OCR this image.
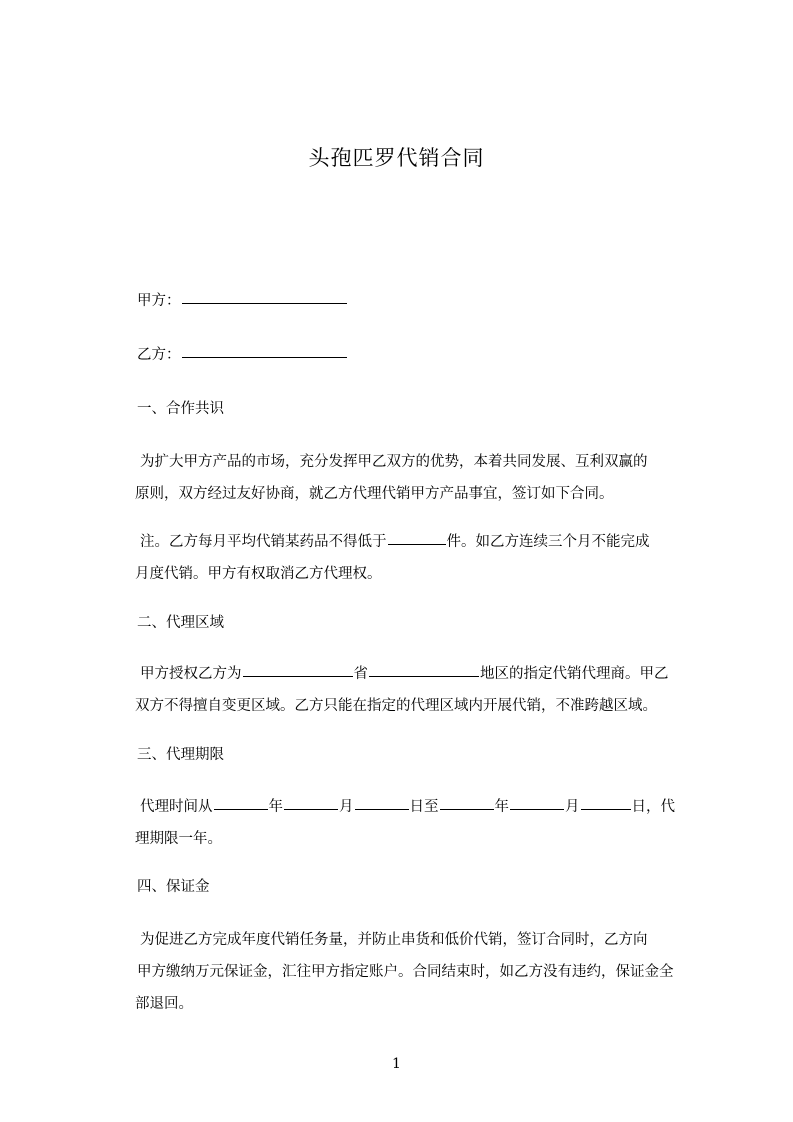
头孢匹罗代销合同
甲方：
乙方：
一、合作共识
为扩大甲方产品的市场，充分发挥甲乙双方的优势，本着共同发展、互利双赢的
原则，双方经过友好协商，就乙方代理代销甲方产品事宜，签订如下合同。
注。乙方每月平均代销某药品不得低于	件。如乙方连续三个月不能完成
月度代销。甲方有权取消乙方代理权。
二、代理区域
甲方授权乙方为	省	地区的指定代销代理商。甲乙
双方不得擅自变更区域。乙方只能在指定的代理区域内开展代销，不准跨越区域。
三、代理期限
代理时间从	年	月	日至	年	月	日，代
理期限一年。
四、保证金
为促进乙方完成年度代销任务量，并防止串货和低价代销，签订合同时，乙方向
甲方缴纳万元保证金，汇往甲方指定账户。合同结束时，如乙方没有违约，保证金全
部退回。
1
